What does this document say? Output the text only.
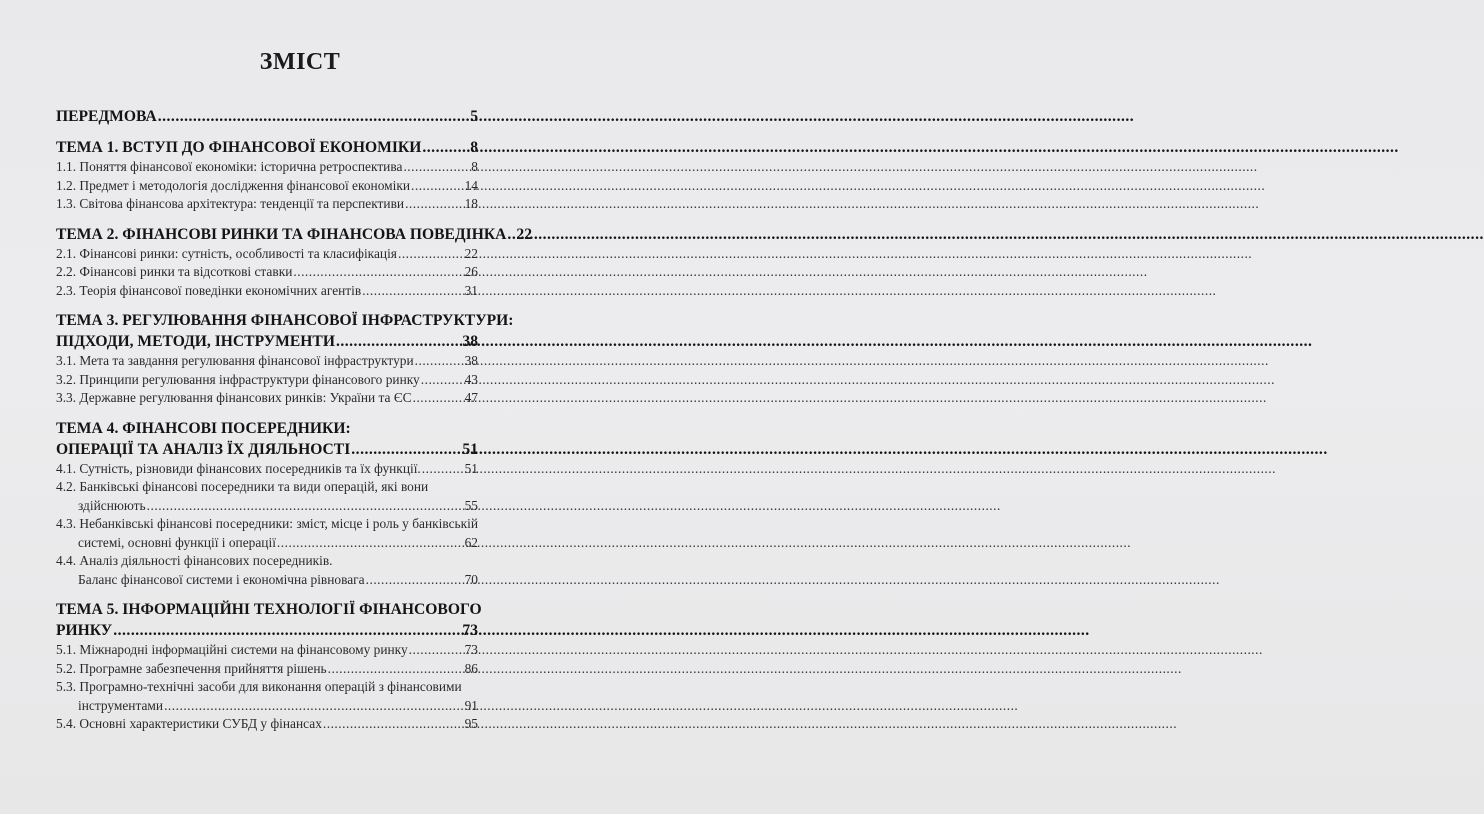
ЗМІСТ
ПЕРЕДМОВА .....	5
ТЕМА 1. ВСТУП ДО ФІНАНСОВОЇ ЕКОНОМІКИ .....	8
1.1. Поняття фінансової економіки: історична ретроспектива .....	8
1.2. Предмет і методологія дослідження фінансової економіки .....	14
1.3. Світова фінансова архітектура: тенденції та перспективи .....	18
ТЕМА 2. ФІНАНСОВІ РИНКИ ТА ФІНАНСОВА ПОВЕДІНКА ..... 22
2.1. Фінансові ринки: сутність, особливості та класифікація .....	22
2.2. Фінансові ринки та відсоткові ставки .....	26
2.3. Теорія фінансової поведінки економічних агентів .....	31
ТЕМА 3. РЕГУЛЮВАННЯ ФІНАНСОВОЇ ІНФРАСТРУКТУРИ:
ПІДХОДИ, МЕТОДИ, ІНСТРУМЕНТИ .....	38
3.1. Мета та завдання регулювання фінансової інфраструктури .....	38
3.2. Принципи регулювання інфраструктури фінансового ринку .....	43
3.3. Державне регулювання фінансових ринків: України та ЄС .....	47
ТЕМА 4. ФІНАНСОВІ ПОСЕРЕДНИКИ:
ОПЕРАЦІЇ ТА АНАЛІЗ ЇХ ДІЯЛЬНОСТІ .....	51
4.1. Сутність, різновиди фінансових посередників та їх функції. .....	51
4.2. Банківські фінансові посередники та види операцій, які вони
здійснюють .....	55
4.3. Небанківські фінансові посередники: зміст, місце і роль у банківській
системі, основні функції і операції .....	62
4.4. Аналіз діяльності фінансових посередників.
Баланс фінансової системи і економічна рівновага .....	70
ТЕМА 5. ІНФОРМАЦІЙНІ ТЕХНОЛОГІЇ ФІНАНСОВОГО
РИНКУ .....	73
5.1. Міжнародні інформаційні системи на фінансовому ринку .....	73
5.2. Програмне забезпечення прийняття рішень .....	86
5.3. Програмно-технічні засоби для виконання операцій з фінансовими
інструментами .....	91
5.4. Основні характеристики СУБД у фінансах .....	95
